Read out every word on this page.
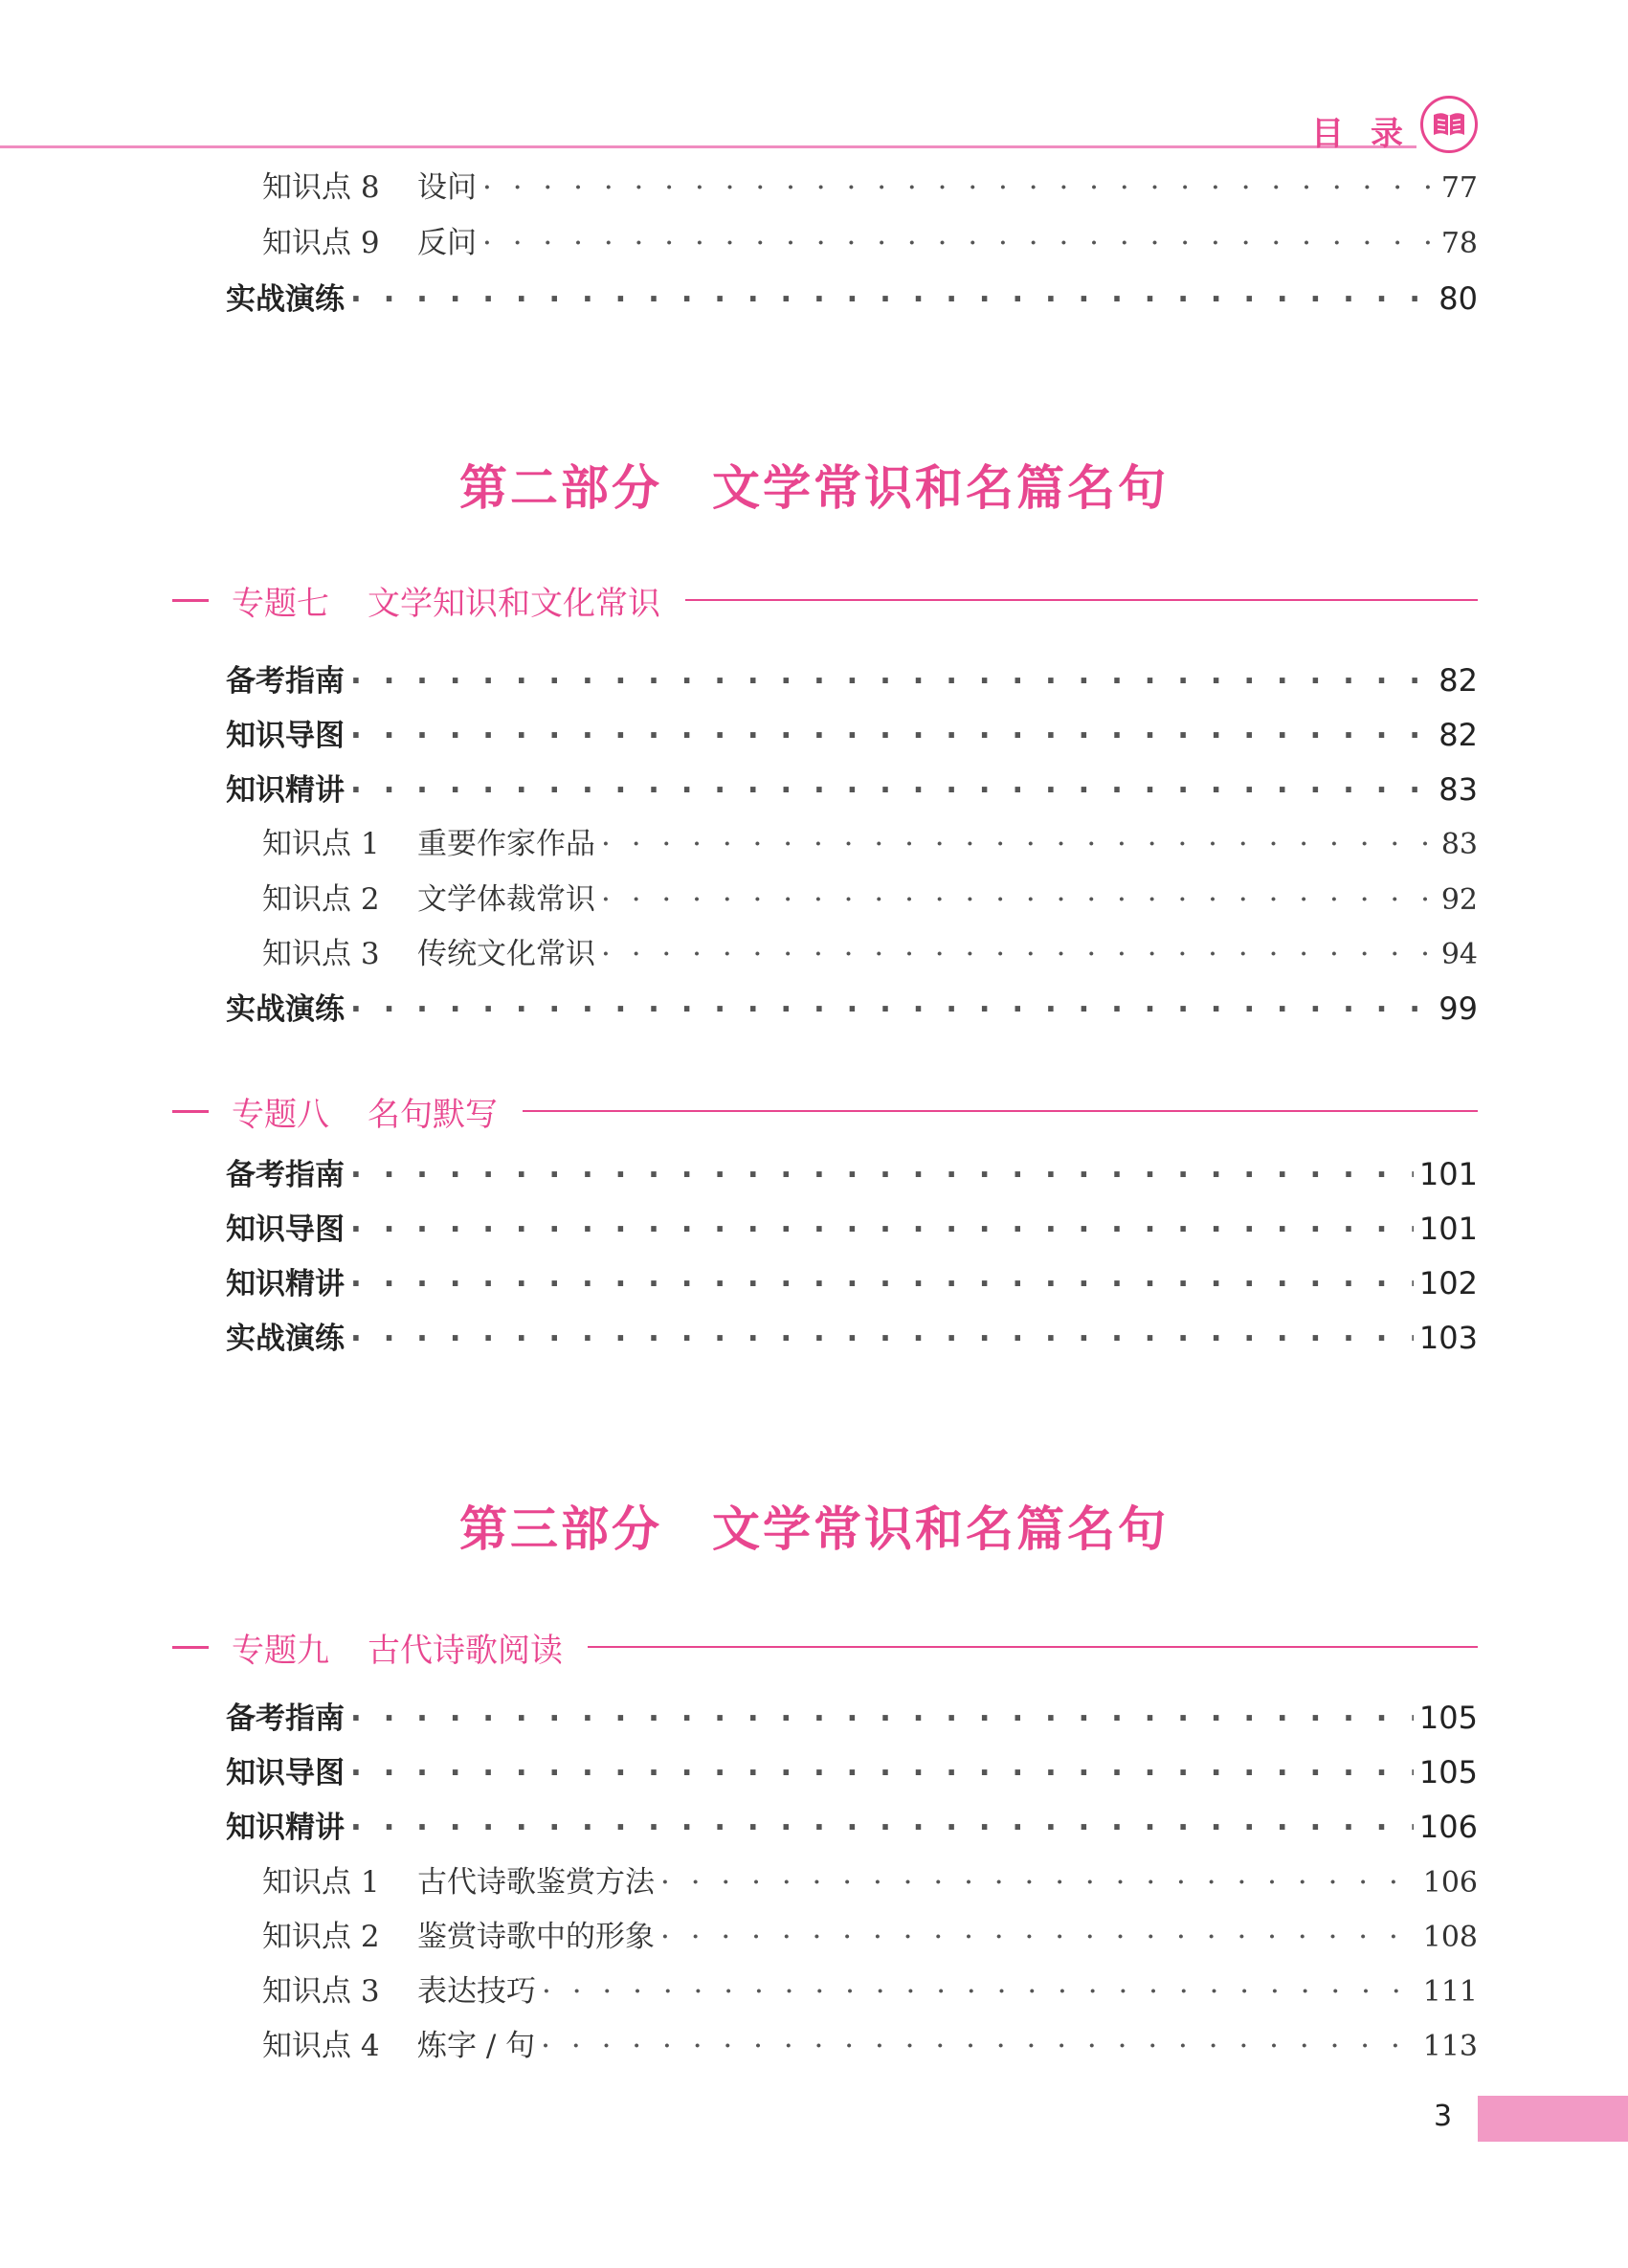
目录
知识点 8 设问 · · ·	77
知识点 9 反问 · · ·	78
实战演练 · · ·	80
第二部分 文学常识和名篇名句
专题七 文学知识和文化常识
备考指南 · · ·	82
知识导图 · · ·	82
知识精讲 · · ·	83
知识点 1 重要作家作品 · · ·	83
知识点 2 文学体裁常识 · · ·	92
知识点 3 传统文化常识 · · ·	94
实战演练 · · ·	99
专题八 名句默写
备考指南 · · ·	101
知识导图 · · ·	101
知识精讲 · · ·	102
实战演练 · · ·	103
第三部分 文学常识和名篇名句
专题九 古代诗歌阅读
备考指南 · · ·	105
知识导图 · · ·	105
知识精讲 · · ·	106
知识点 1 古代诗歌鉴赏方法 · · ·	106
知识点 2 鉴赏诗歌中的形象 · · ·	108
知识点 3 表达技巧 · · ·	111
知识点 4 炼字 / 句 · · ·	113
3
